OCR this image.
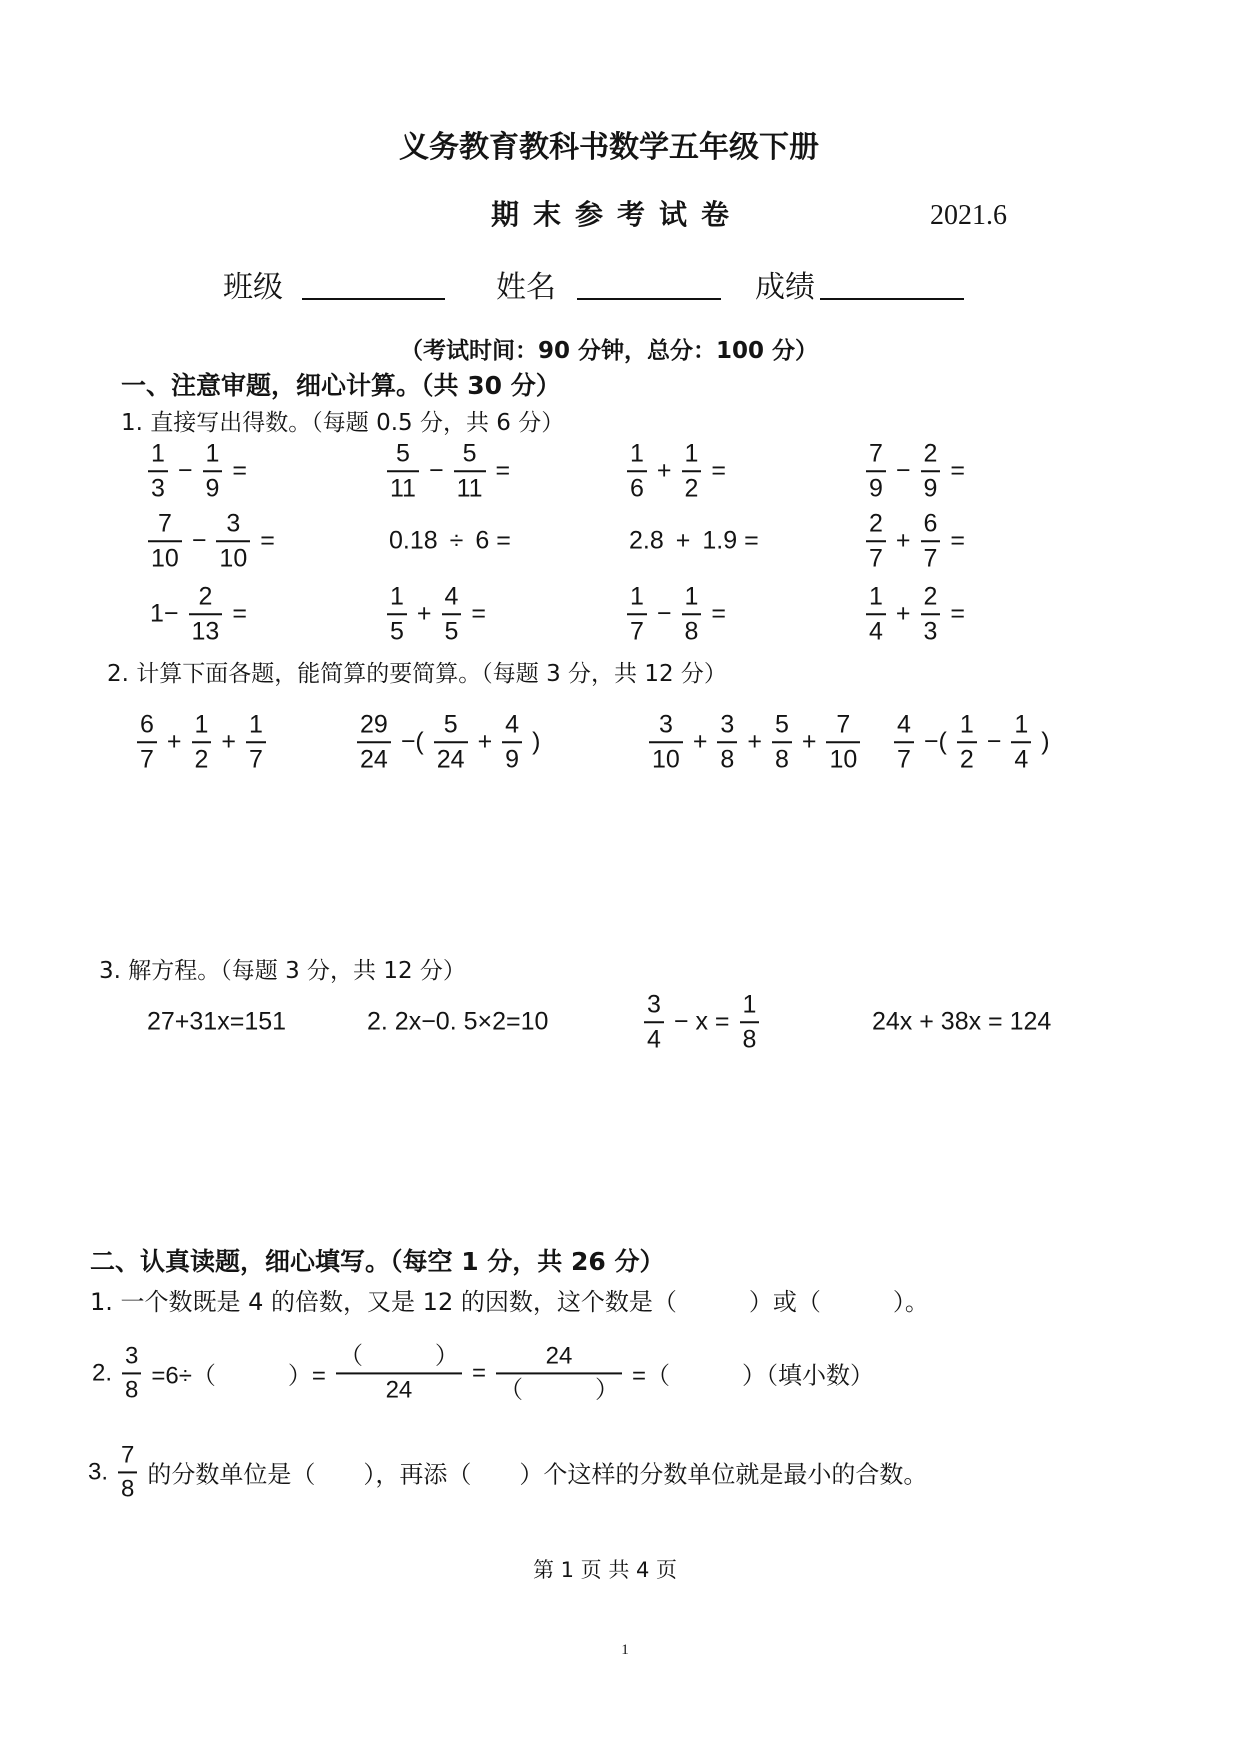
义务教育教科书数学五年级下册
期末参考试卷	2021.6
班级	姓名	成绩
（考试时间：90 分钟，总分：100 分）
一、注意审题，细心计算。（共 30 分）
1. 直接写出得数。（每题 0.5 分，共 6 分）
$\frac{1}{3} - \frac{1}{9}$ =	$\frac{5}{11} - \frac{5}{11}$ =	$\frac{1}{6} + \frac{1}{2}$ =	$\frac{7}{9} - \frac{2}{9}$ =
$\frac{7}{10} - \frac{3}{10}$ =	0.18 ÷ 6 =	2.8 + 1.9 =	$\frac{2}{7} + \frac{6}{7}$ =
$1- \frac{2}{13}$ =	$\frac{1}{5} + \frac{4}{5}$ =	$\frac{1}{7} - \frac{1}{8}$ =	$\frac{1}{4} + \frac{2}{3}$ =
2. 计算下面各题，能简算的要简算。（每题 3 分，共 12 分）
$\frac{6}{7} + \frac{1}{2} + \frac{1}{7}$	$\frac{29}{24}$ −( $\frac{5}{24} + \frac{4}{9}$ )	$\frac{3}{10} + \frac{3}{8} + \frac{5}{8} + \frac{7}{10} \frac{4}{7}$ −( $\frac{1}{2} - \frac{1}{4}$ )
3. 解方程。（每题 3 分，共 12 分）
27+31x=151	2. 2x−0. 5×2=10	$\frac{3}{4} - x = \frac{1}{8}$	24x + 38x = 124
二、认真读题，细心填写。（每空 1 分，共 26 分）
1. 一个数既是 4 的倍数，又是 12 的因数，这个数是（　　　）或（　　　）。
2. $\frac{3}{8} =6\div$（　　　）= $\frac{( )}{24} = \frac{24}{( )}$ =（　　　）（填小数）
3. $\frac{7}{8}$ 的分数单位是（　　），再添（　　）个这样的分数单位就是最小的合数。
第 1 页 共 4 页
1
